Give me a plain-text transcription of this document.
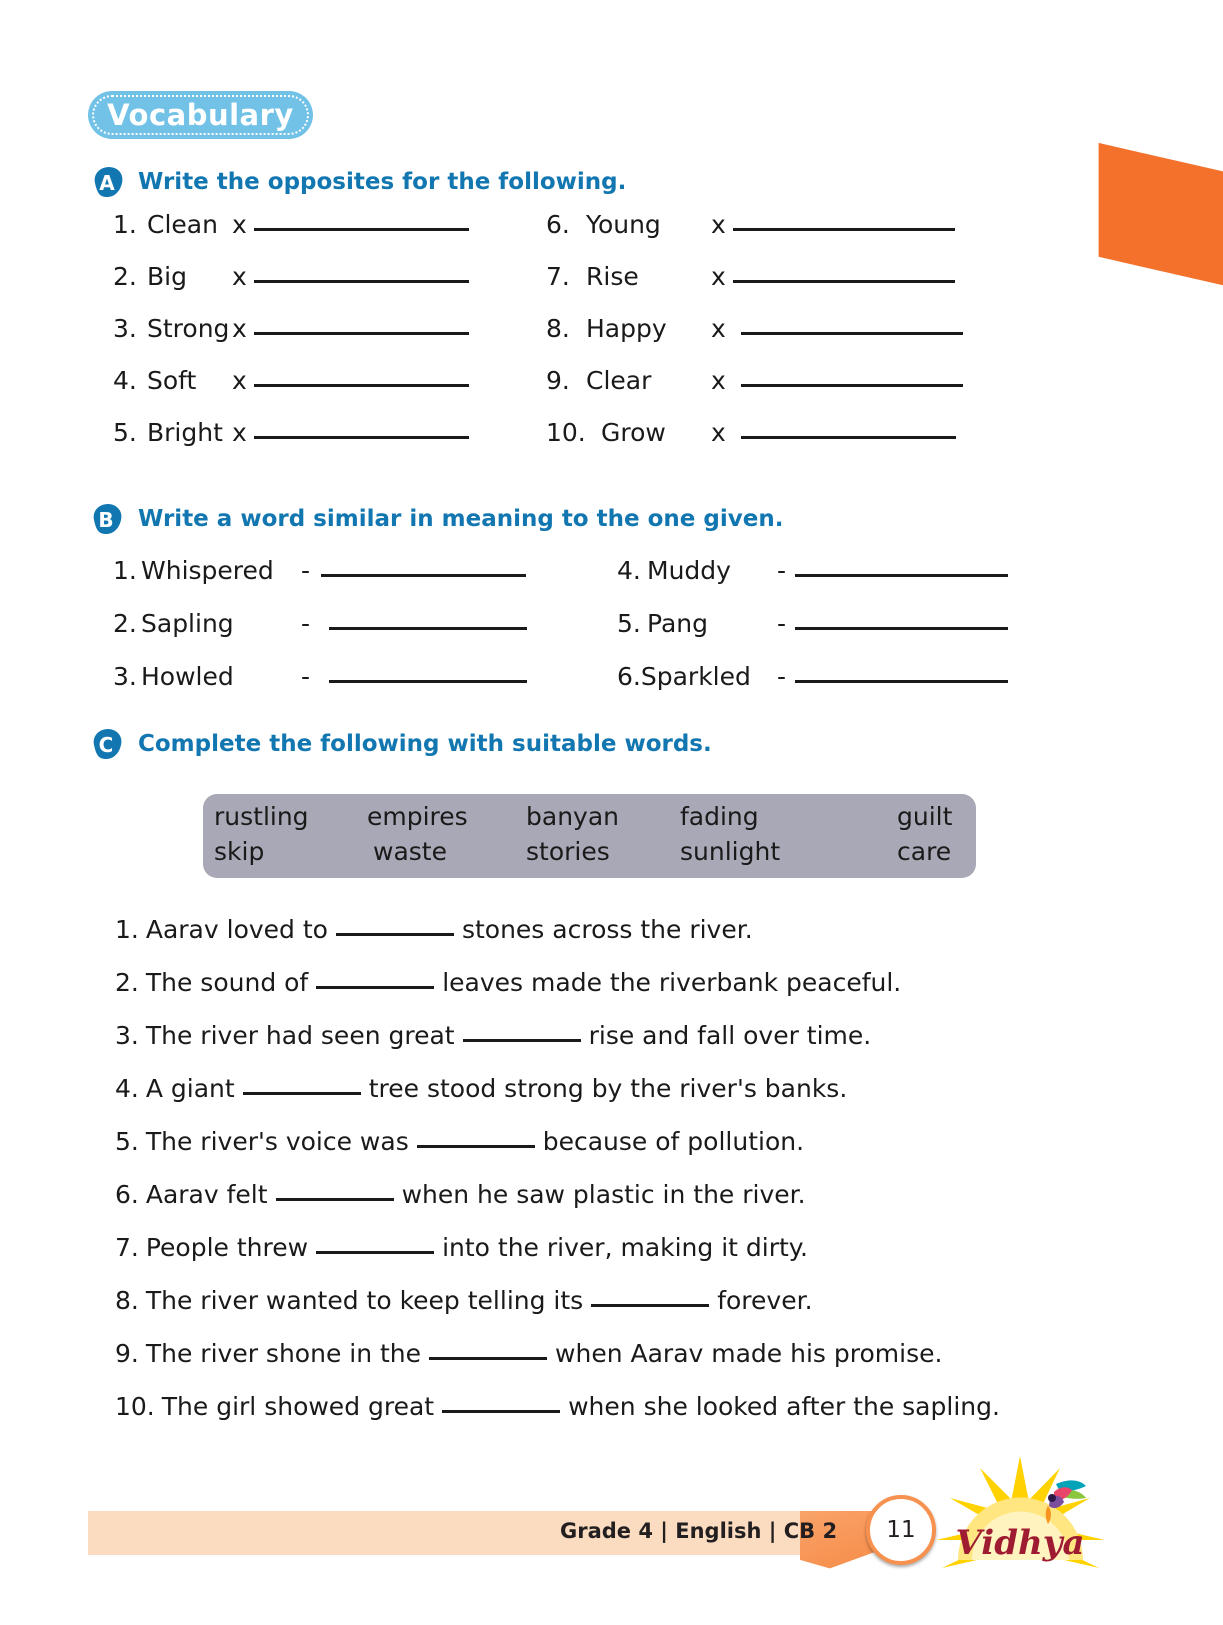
Vocabulary
A Write the opposites for the following.
1. Clean x
2. Big	x
3. Strong x
4. Soft	x
5. Bright x
6. Young	x
7. Rise	x
8. Happy	x
9. Clear	x
10. Grow	x
B Write a word similar in meaning to the one given.
1. Whispered	-
2. Sapling	-
3. Howled	-
4. Muddy	-
5. Pang	-
6.Sparkled	-
C Complete the following with suitable words.
rustling empires banyan fading	guilt
skip	waste	stories	sunlight	care
1. Aarav loved to	stones across the river.
2. The sound of	leaves made the riverbank peaceful.
3. The river had seen great	rise and fall over time.
4. A giant	tree stood strong by the river's banks.
5. The river's voice was	because of pollution.
6. Aarav felt	when he saw plastic in the river.
7. People threw	into the river, making it dirty.
8. The river wanted to keep telling its	forever.
9. The river shone in the	when Aarav made his promise.
10. The girl showed great	when she looked after the sapling.
Grade 4 | English | CB 2 11 Vidhya
